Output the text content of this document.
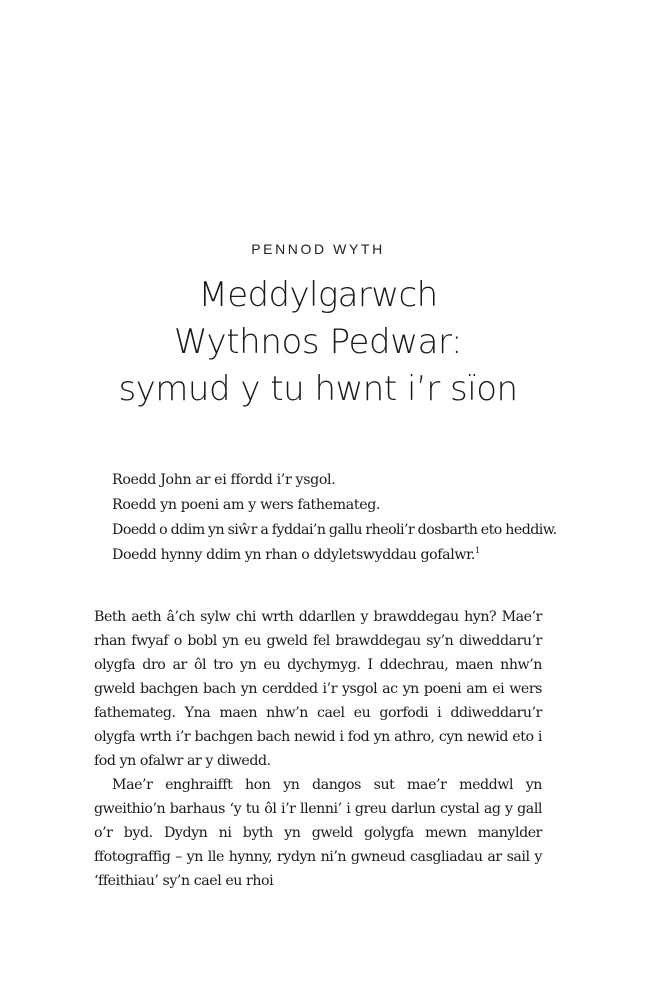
PENNOD WYTH
Meddylgarwch
Wythnos Pedwar:
symud y tu hwnt i’r sïon
Roedd John ar ei ffordd i’r ysgol.
Roedd yn poeni am y wers fathemateg.
Doedd o ddim yn siŵr a fyddai’n gallu rheoli’r dosbarth eto heddiw.
Doedd hynny ddim yn rhan o ddyletswyddau gofalwr.$^1$

Beth aeth â’ch sylw chi wrth ddarllen y brawddegau hyn? Mae’r rhan fwyaf o bobl yn eu gweld fel brawddegau sy’n diweddaru’r olygfa dro ar ôl tro yn eu dychymyg. I ddechrau, maen nhw’n gweld bachgen bach yn cerdded i’r ysgol ac yn poeni am ei wers fathemateg. Yna maen nhw’n cael eu gorfodi i ddiweddaru’r olygfa wrth i’r bachgen bach newid i fod yn athro, cyn newid eto i fod yn ofalwr ar y diwedd.

Mae’r enghraifft hon yn dangos sut mae’r meddwl yn gweithio’n barhaus ‘y tu ôl i’r llenni’ i greu darlun cystal ag y gall o’r byd. Dydyn ni byth yn gweld golygfa mewn manylder ffotograffig – yn lle hynny, rydyn ni’n gwneud casgliadau ar sail y ‘ffeithiau’ sy’n cael eu rhoi
